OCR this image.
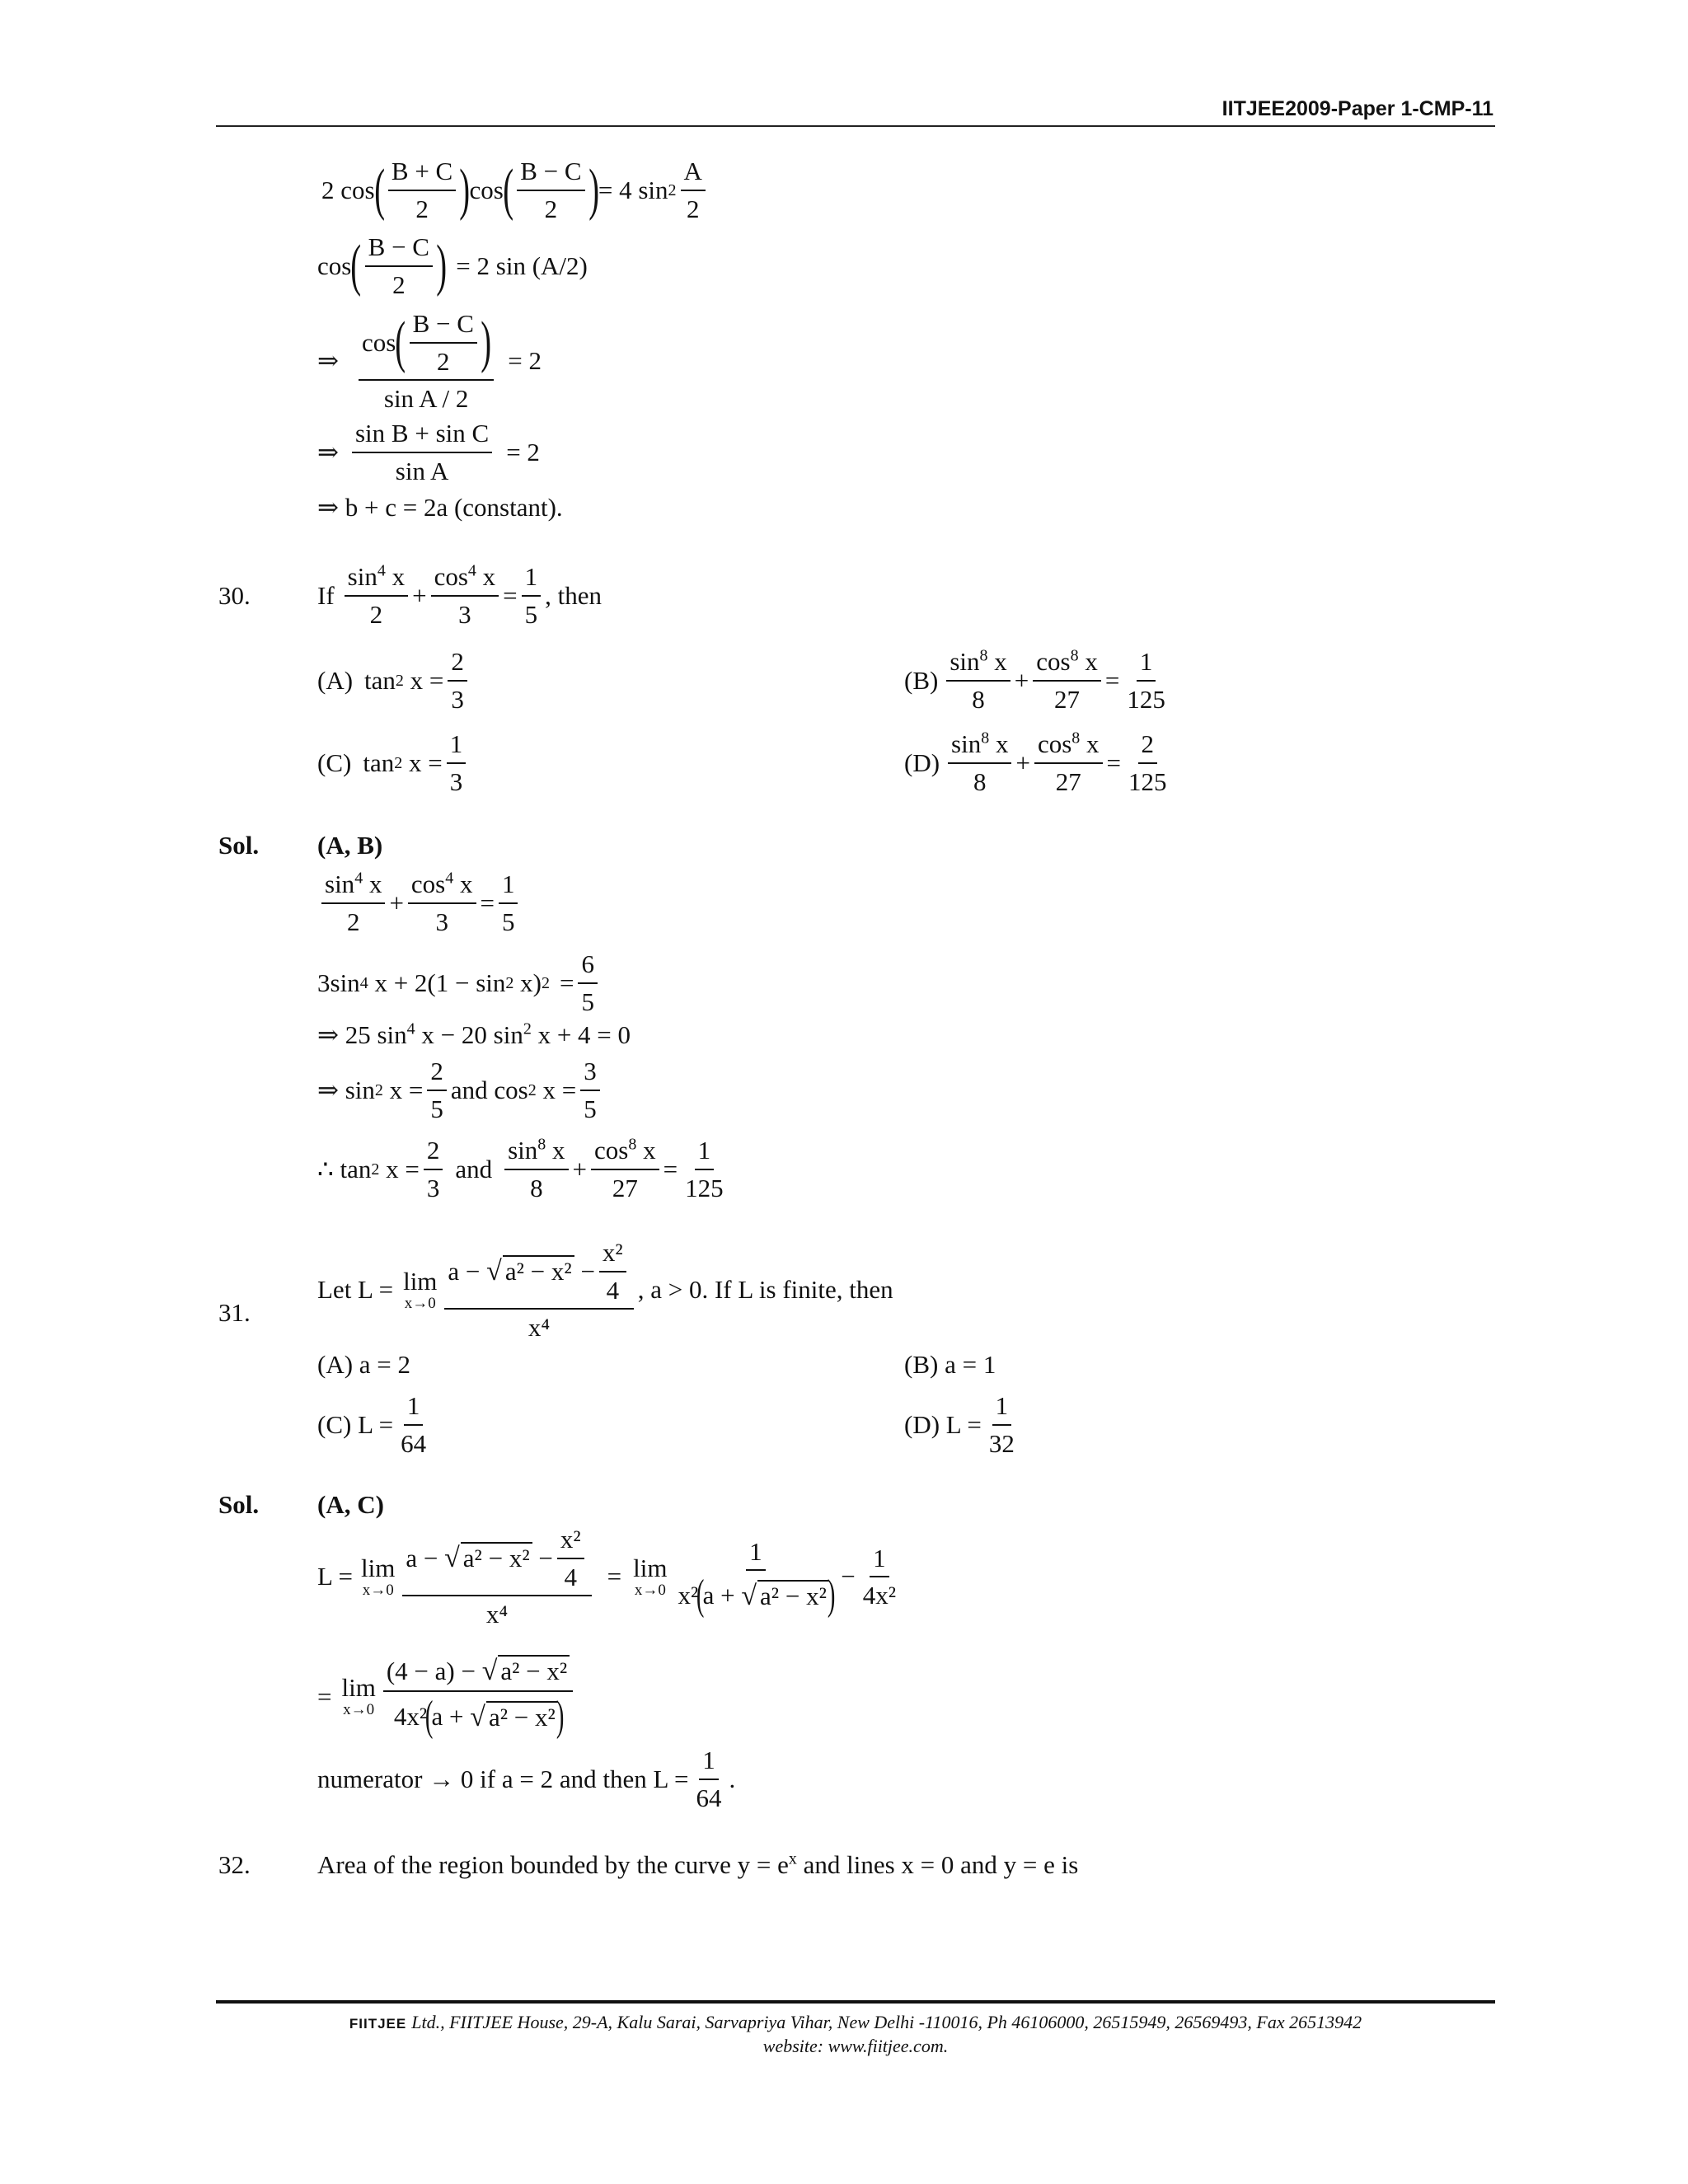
IITJEE2009-Paper 1-CMP-11
2 cos ( $\frac{B + C}{2}$ ) cos ( $\frac{B - C}{2}$ ) = 4 $\sin 2 \frac{A}{2}$
cos ( $\frac{B - C}{2}$ ) = 2 sin (A/2)
⇒ $\frac{\cos ( \frac{B - C}{2} )}{\text{sin A / 2}} = 2$
⇒ $\frac{\text{sin B + sin C}}{\text{sin A}} = 2$
⇒ b + c = 2a (constant).
30.	If $\frac{\sin^4 x}{2} + \frac{\cos^4 x}{3} = \frac{1}{5}$ , then
(A) tan 2 $x = \frac{2}{3}$	$(B) \frac{\sin^8 x}{8} + \frac{\cos^8 x}{27} = \frac{1}{125}$
(C) tan 2 $x = \frac{1}{3}$	$(D) \frac{\sin^8 x}{8} + \frac{\cos^8 x}{27} = \frac{2}{125}$
Sol. (A, B)
$\frac{\sin^4 x}{2} + \frac{\cos^4 x}{3} = \frac{1}{5}$
3sin 4
x + 2(1 − sin 2
x) $2 = \frac{6}{5}$
⇒ 25 $\sin^4 x - 20$ $\sin^2 x + 4 = 0$
⇒ sin 2
$x = \frac{2}{5}$ and cos 2
$x = \frac{3}{5}$
∴ tan 2
$x = \frac{2}{3}$ and $\frac{\sin^8 x}{8} + \frac{\cos^8 x}{27} = \frac{1}{125}$
31.
Let L = lim
x→0 a −
√ a² − x²
− $\frac{\text{x²}}{4}$
x⁴ , a > 0. If L is finite, then
(A) a = 2	(B) a = 1
(C) $L = \frac{1}{64}$	(D) $L = \frac{1}{32}$
Sol. (A, C)
L = lim
x→0 a −
√ a² − x²
− $\frac{\text{x²}}{4}$
x⁴ = lim
x→0 1
x²
(
a +
√ a² − x² ) − $\frac{1}{\text{4x²}}$
= lim
x→0 (4 − a) −
√ a² − x²
4x²
(
a +
√ a² − x² )
numerator → 0 if a = 2 and then $L = \frac{1}{64}$ .
32.	Area of the region bounded by the curve $y = e^x$ and lines x = 0 and y = e is
FIITJEE Ltd., FIITJEE House, 29-A, Kalu Sarai, Sarvapriya Vihar, New Delhi -110016, Ph 46106000, 26515949, 26569493, Fax 26513942
website: www.fiitjee.com.
